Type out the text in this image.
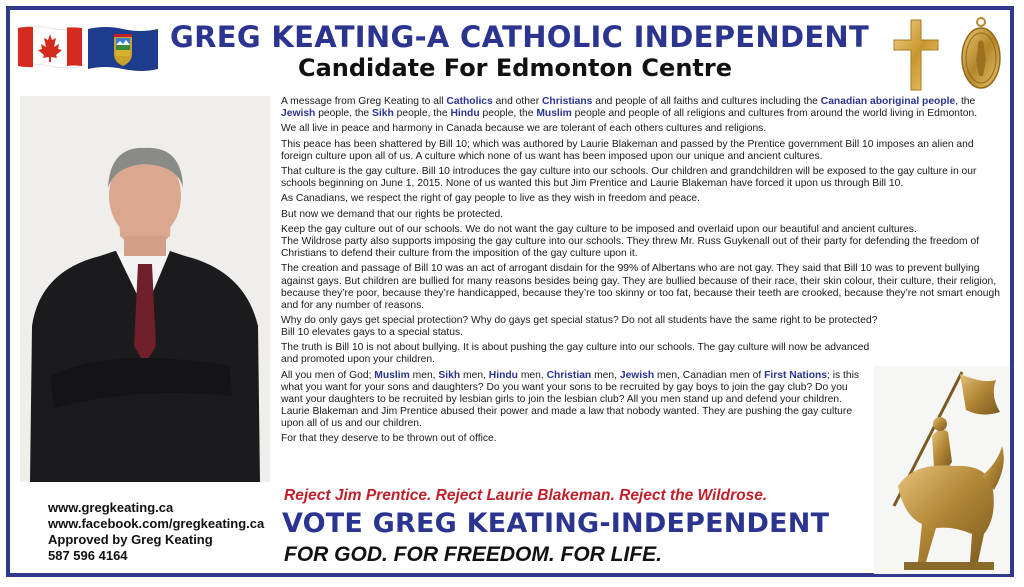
GREG KEATING-A CATHOLIC INDEPENDENT
Candidate For Edmonton Centre

A message from Greg Keating to all Catholics and other Christians and people of all faiths and cultures including the Canadian aboriginal people, the Jewish people, the Sikh people, the Hindu people, the Muslim people and people of all religions and cultures from around the world living in Edmonton.

We all live in peace and harmony in Canada because we are tolerant of each others cultures and religions.

This peace has been shattered by Bill 10; which was authored by Laurie Blakeman and passed by the Prentice government Bill 10 imposes an alien and foreign culture upon all of us. A culture which none of us want has been imposed upon our unique and ancient cultures.

That culture is the gay culture. Bill 10 introduces the gay culture into our schools. Our children and grandchildren will be exposed to the gay culture in our schools beginning on June 1, 2015. None of us wanted this but Jim Prentice and Laurie Blakeman have forced it upon us through Bill 10.

As Canadians, we respect the right of gay people to live as they wish in freedom and peace.

But now we demand that our rights be protected.

Keep the gay culture out of our schools. We do not want the gay culture to be imposed and overlaid upon our beautiful and ancient cultures.
The Wildrose party also supports imposing the gay culture into our schools. They threw Mr. Russ Guykenall out of their party for defending the freedom of Christians to defend their culture from the imposition of the gay culture upon it.

The creation and passage of Bill 10 was an act of arrogant disdain for the 99% of Albertans who are not gay. They said that Bill 10 was to prevent bullying against gays. But children are bullied for many reasons besides being gay. They are bullied because of their race, their skin colour, their culture, their religion, because they’re poor, because they’re handicapped, because they’re too skinny or too fat, because their teeth are crooked, because they’re not smart enough and for any number of reasons.

Why do only gays get special protection? Why do gays get special status? Do not all students have the same right to be protected?
Bill 10 elevates gays to a special status.

The truth is Bill 10 is not about bullying. It is about pushing the gay culture into our schools. The gay culture will now be advanced and promoted upon your children.

All you men of God; Muslim men, Sikh men, Hindu men, Christian men, Jewish men, Canadian men of First Nations; is this what you want for your sons and daughters? Do you want your sons to be recruited by gay boys to join the gay club? Do you want your daughters to be recruited by lesbian girls to join the lesbian club? All you men stand up and defend your children. Laurie Blakeman and Jim Prentice abused their power and made a law that nobody wanted. They are pushing the gay culture upon all of us and our children.

For that they deserve to be thrown out of office.

www.gregkeating.ca
www.facebook.com/gregkeating.ca
Approved by Greg Keating
587 596 4164
Reject Jim Prentice. Reject Laurie Blakeman. Reject the Wildrose.
VOTE GREG KEATING-INDEPENDENT
FOR GOD. FOR FREEDOM. FOR LIFE.
